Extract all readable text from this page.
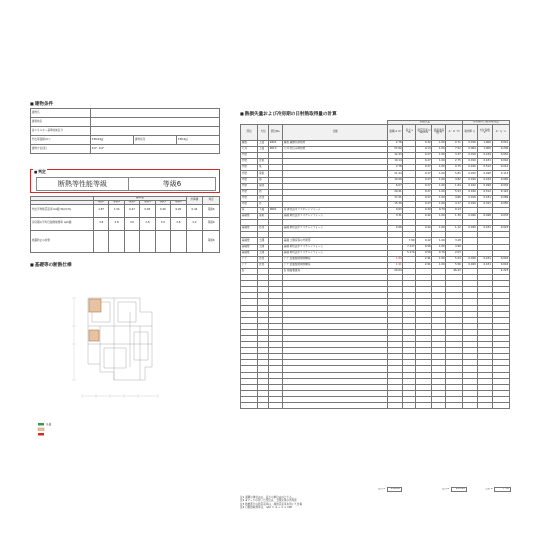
■ 建物条件
建物名			
建築地名			
省エネルギー基準地域区分			
外皮等面積(m²)	338.04㎡	建物延床	338.0㎡
建物方位(度)	0.0°, 0.0°		
■ 判定
断熱等性能等級	等級6
	基準値						計算値	判定
	等級7	等級6	等級5	等級4	等級3	等級2		
外皮平均熱貫流率 UA値 W/(m²K)	1.87	1.34	0.47	0.65	0.46	0.26	0.44	等級6
冷房期の平均日射熱取得率 ηAC値	3.8	2.8	3.0	2.8	3.0	3.8	2.2	等級6
結露防止の対策								等級6
■ 基礎等の断熱仕様
凡例
■ 熱損失量および冷房期の日射熱取得量の計算
				熱損失量					冷房期の日射熱取得量		
部位	方位	部位No.	仕様	面積 A m²	長さ L m	熱貫流率 U W/m²K	温度差係数 H	A・U・H	取得率 η	方位係数 ν	A・η・ν
屋根	上面	0401	屋根 繊維系断熱材	2.76		0.32	1.00	0.71	0.016	1.000	0.041
天井	上面	0010	天井 吹込み断熱材	57.62		0.13	1.00	7.52	0.004	1.000	0.230
外壁				12.43		0.27	1.00	3.37	0.010	0.434	0.052
外壁	北東			10.14		0.27	1.00	2.75	0.010	0.431	0.042
外壁	東			2.78		0.27	1.00	0.75	0.010	0.512	0.014
外壁	南東			21.44		0.27	1.00	5.81	0.010	0.498	0.113
外壁	南			14.09		0.27	1.00	3.82	0.010	0.434	0.065
外壁	南西			6.07		0.27	1.00	1.64	0.010	0.498	0.032
外壁	西			20.41		0.27	1.00	5.53	0.010	0.512	0.110
外壁	北西			17.21		0.27	1.00	4.66	0.010	0.431	0.069
外壁	北			15.39		0.27	1.00	4.17	0.010	0.341	0.050
床	下面	0601	床 押出法ポリスチレンフォーム	0.63		0.30	0.70	0.13			
基礎壁	南東		基礎 押出法ポリスチレンフォーム	3.31		0.42	1.00	1.39	0.020	0.498	0.033

基礎壁	北西		基礎 押出法ポリスチレンフォーム	2.66		0.42	1.00	1.12	0.020	0.431	0.023

基礎壁	土間		基礎 土間床等の外周部		7.80	0.42	1.00	3.28			
基礎壁	土間		基礎 押出法ポリスチレンフォーム		7.117	0.56	1.00	3.99			
基礎壁	土間		基礎 押出法ポリスチレンフォーム		5.174	0.56	0.70	2.03			
ドア	北西		ドア 金属製熱遮断構造	1.80		2.91	1.00	5.24	0.020	0.431	0.016
ドア	北西		ドア 金属製熱遮断構造	1.91		2.91	1.00	5.56	0.020	0.431	0.016
窓			窓 樹脂製建具	29.04				46.43			4.223

	合計①	338.04		合計②	155.45	合計③	7.78
注1 面積の単位は㎡、長さの単位はmとする。
注2 ★マークの付いた部位は、土間床等の外周部
注3 熱橋部分の熱貫流率は、線熱貫流率を用いて計算
注4 日射熱取得率は、ηAC = ③ ÷ ① × 100
